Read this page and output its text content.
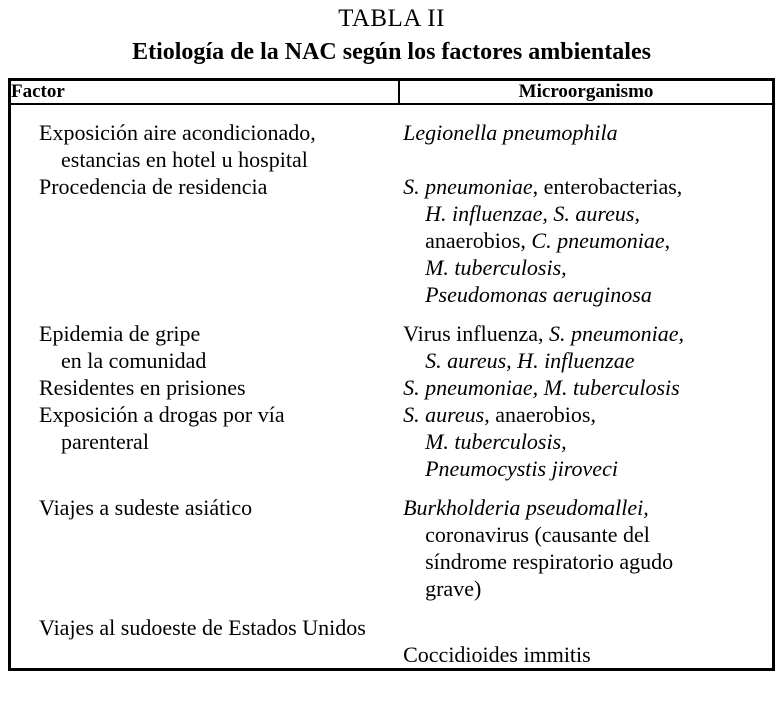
TABLA II
Etiología de la NAC según los factores ambientales
Factor	Microorganismo
Exposición aire acondicionado,
estancias en hotel u hospital	Legionella pneumophila
Procedencia de residencia	S. pneumoniae, enterobacterias,
H. influenzae, S. aureus,
anaerobios, C. pneumoniae,
M. tuberculosis,
Pseudomonas aeruginosa

Epidemia de gripe
en la comunidad	Virus influenza, S. pneumoniae,
S. aureus, H. influenzae

Residentes en prisiones	S. pneumoniae, M. tuberculosis
Exposición a drogas por vía
parenteral	S. aureus, anaerobios,
M. tuberculosis,
Pneumocystis jiroveci

Viajes a sudeste asiático	Burkholderia pseudomallei,
coronavirus (causante del
síndrome respiratorio agudo
grave)

Viajes al sudoeste de Estados Unidos	Coccidioides immitis
